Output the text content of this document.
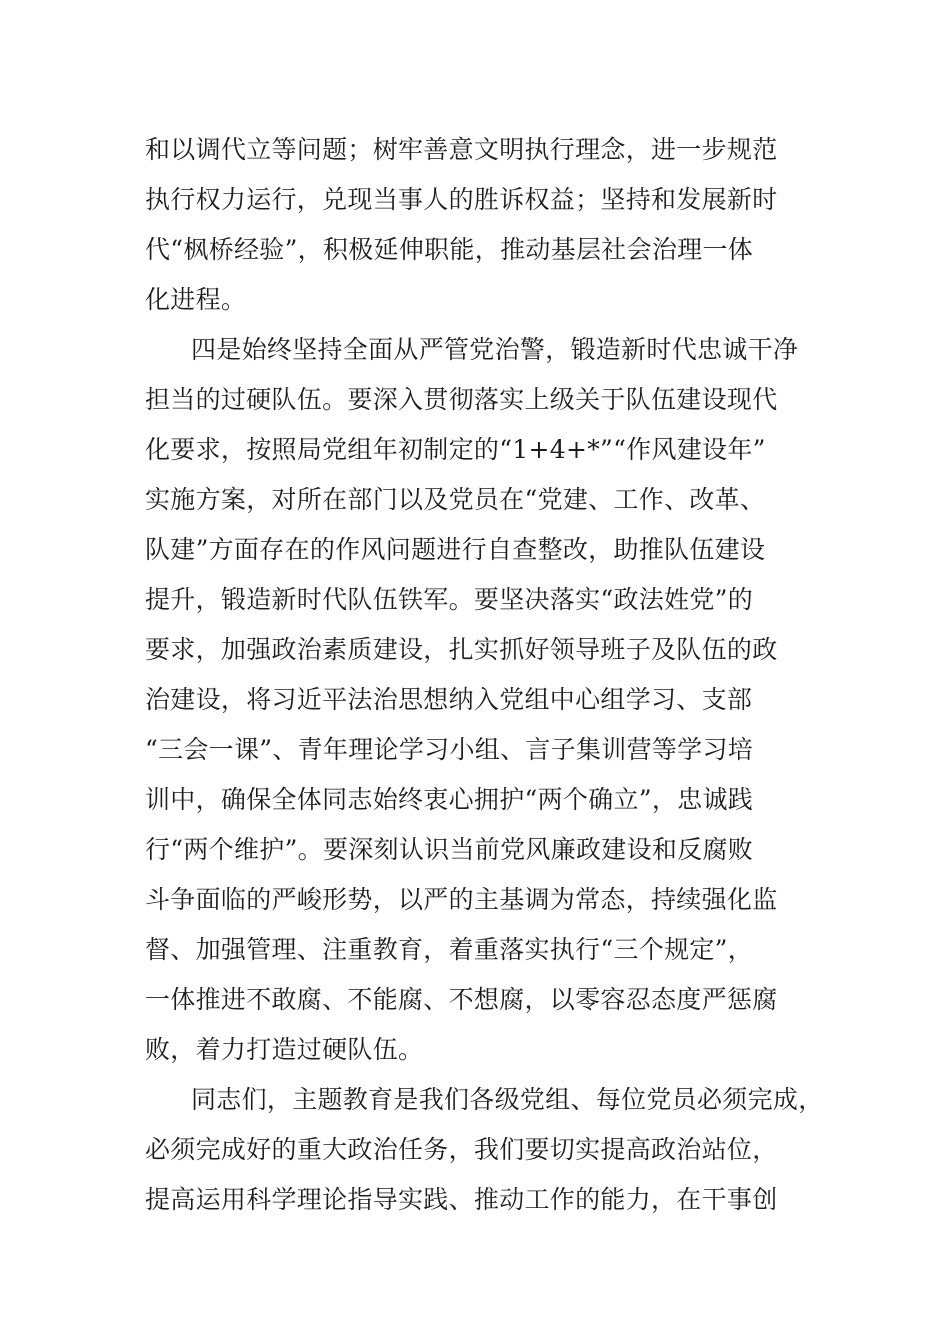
和以调代立等问题；树牢善意文明执行理念，进一步规范

执行权力运行，兑现当事人的胜诉权益；坚持和发展新时

代“枫桥经验”，积极延伸职能，推动基层社会治理一体

化进程。

四是始终坚持全面从严管党治警，锻造新时代忠诚干净

担当的过硬队伍。要深入贯彻落实上级关于队伍建设现代

化要求，按照局党组年初制定的“1+4+*”“作风建设年”

实施方案，对所在部门以及党员在“党建、工作、改革、

队建”方面存在的作风问题进行自查整改，助推队伍建设

提升，锻造新时代队伍铁军。要坚决落实“政法姓党”的

要求，加强政治素质建设，扎实抓好领导班子及队伍的政

治建设，将习近平法治思想纳入党组中心组学习、支部

“三会一课”、青年理论学习小组、言子集训营等学习培

训中，确保全体同志始终衷心拥护“两个确立”，忠诚践

行“两个维护”。要深刻认识当前党风廉政建设和反腐败

斗争面临的严峻形势，以严的主基调为常态，持续强化监

督、加强管理、注重教育，着重落实执行“三个规定”，

一体推进不敢腐、不能腐、不想腐，以零容忍态度严惩腐

败，着力打造过硬队伍。

同志们，主题教育是我们各级党组、每位党员必须完成，

必须完成好的重大政治任务，我们要切实提高政治站位，

提高运用科学理论指导实践、推动工作的能力，在干事创
